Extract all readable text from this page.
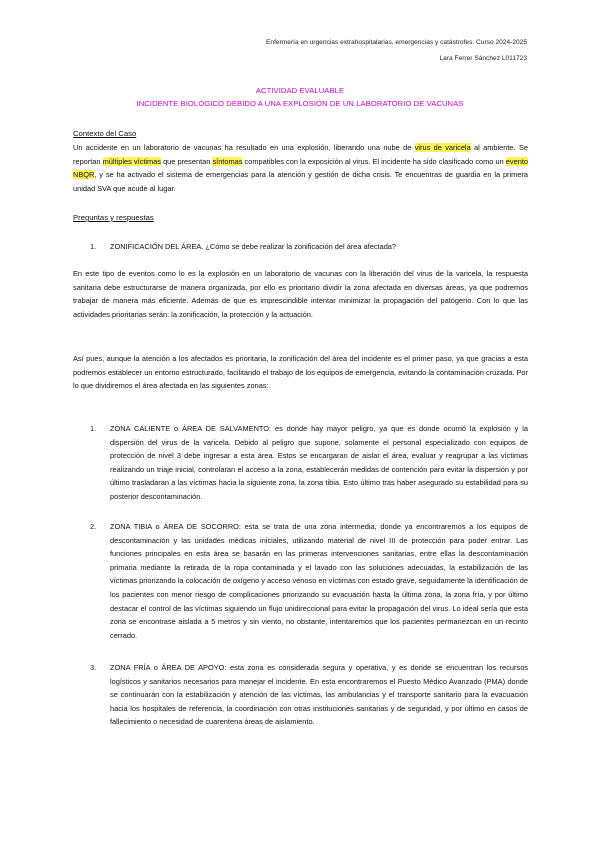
Enfermería en urgencias extrahospitalarias, emergencias y catástrofes. Curso 2024-2025
Lara Ferrer Sánchez L011723
ACTIVIDAD EVALUABLE
INCIDENTE BIOLÓGICO DEBIDO A UNA EXPLOSIÓN DE UN LABORATORIO DE VACUNAS
Contexto del Caso
Un accidente en un laboratorio de vacunas ha resultado en una explosión, liberando una nube de virus de varicela al ambiente. Se reportan múltiples víctimas que presentan síntomas compatibles con la exposición al virus. El incidente ha sido clasificado como un evento NBQR, y se ha activado el sistema de emergencias para la atención y gestión de dicha crisis. Te encuentras de guardia en la primera unidad SVA que acude al lugar.
Preguntas y respuestas
1. ZONIFICACIÓN DEL ÁREA. ¿Cómo se debe realizar la zonificación del área afectada?
En este tipo de eventos como lo es la explosión en un laboratorio de vacunas con la liberación del virus de la varicela, la respuesta sanitaria debe estructurarse de manera organizada, por ello es prioritario dividir la zona afectada en diversas áreas, ya que podremos trabajar de manera más eficiente. Además de que es imprescindible intentar minimizar la propagación del patógeno. Con lo que las actividades prioritarias serán: la zonificación, la protección y la actuación.
Así pues, aunque la atención a los afectados es prioritaria, la zonificación del área del incidente es el primer paso, ya que gracias a esta podremos establecer un entorno estructurado, facilitando el trabajo de los equipos de emergencia, evitando la contaminación cruzada. Por lo que dividiremos el área afectada en las siguientes zonas:
1.	ZONA CALIENTE o ÁREA DE SALVAMENTO: es donde hay mayor peligro, ya que es donde ocurrió la explosión y la dispersión del virus de la varicela. Debido al peligro que supone, solamente el personal especializado con equipos de protección de nivel 3 debe ingresar a esta área. Estos se encargaran de aislar el área, evaluar y reagrupar a las víctimas realizando un triaje inicial, controlaran el acceso a la zona, establecerán medidas de contención para evitar la dispersión y por último trasladaran a las víctimas hacia la siguiente zona, la zona tibia. Esto último tras haber asegurado su estabilidad para su posterior descontaminación.
2.	ZONA TIBIA o ÁREA DE SOCORRO: esta se trata de una zona intermedia, donde ya encontraremos a los equipos de descontaminación y las unidades médicas iniciales, utilizando material de nivel III de protección para poder entrar. Las funciones principales en esta área se basarán en las primeras intervenciones sanitarias, entre ellas la descontaminación primaria mediante la retirada de la ropa contaminada y el lavado con las soluciones adecuadas, la estabilización de las víctimas priorizando la colocación de oxígeno y acceso venoso en víctimas con estado grave, seguidamente la identificación de los pacientes con menor riesgo de complicaciones priorizando su evacuación hasta la última zona, la zona fría, y por último destacar el control de las víctimas siguiendo un flujo unidireccional para evitar la propagación del virus. Lo ideal sería que esta zona se encontrase aislada a 5 metros y sin viento, no obstante, intentaremos que los pacientes permanezcan en un recinto cerrado.
3.	ZONA FRÍA o ÁREA DE APOYO: esta zona es considerada segura y operativa, y es donde se encuentran los recursos logísticos y sanitarios necesarios para manejar el incidente. En esta encontraremos el Puesto Médico Avanzado (PMA) donde se continuarán con la estabilización y atención de las víctimas, las ambulancias y el transporte sanitario para la evacuación hacia los hospitales de referencia, la coordinación con otras instituciones sanitarias y de seguridad, y por último en casos de fallecimiento o necesidad de cuarentena áreas de aislamiento.
